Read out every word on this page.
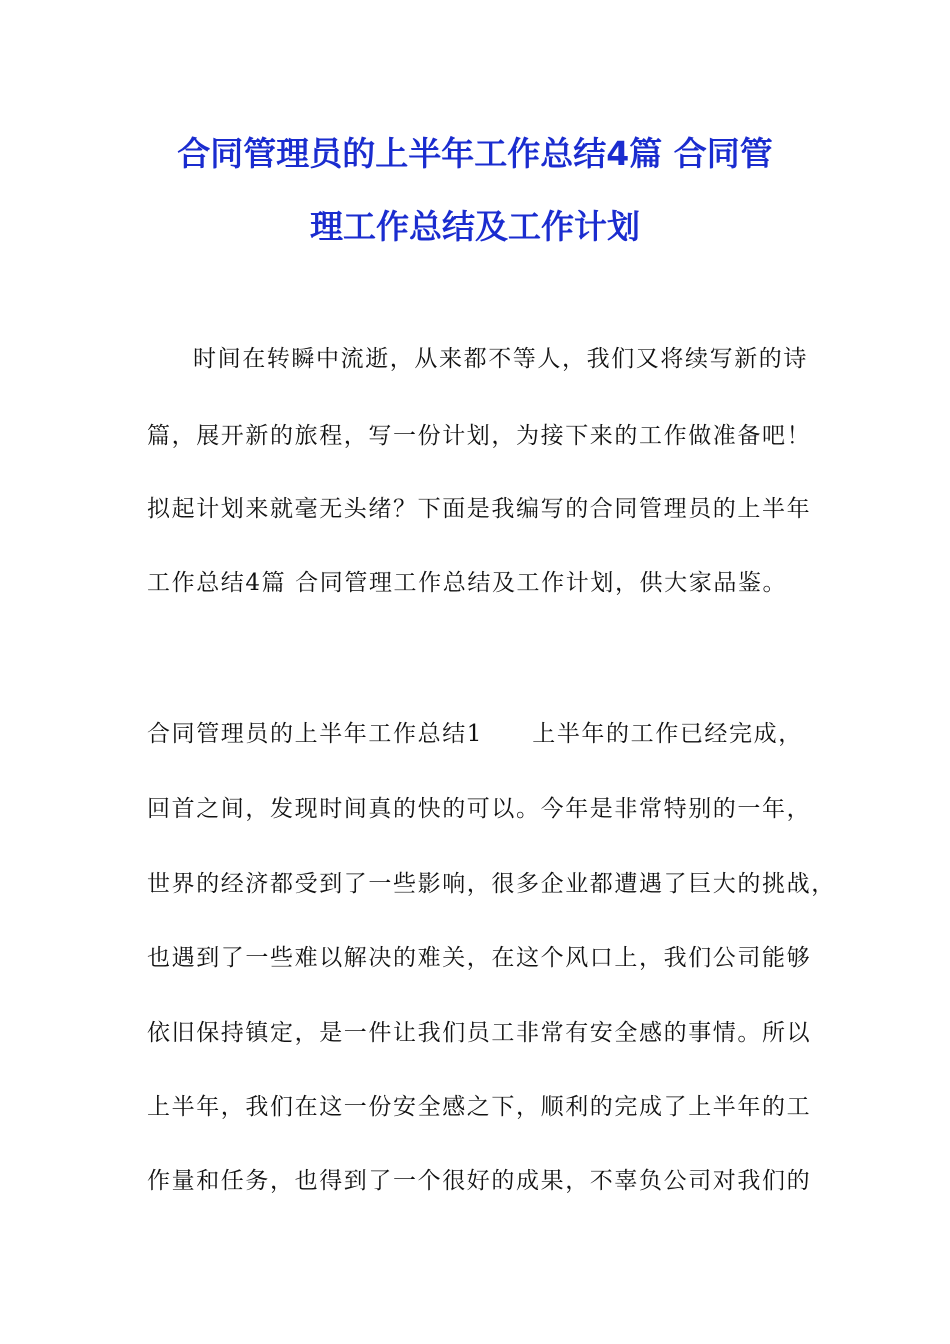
合同管理员的上半年工作总结4篇 合同管
理工作总结及工作计划
时间在转瞬中流逝，从来都不等人，我们又将续写新的诗
篇，展开新的旅程，写一份计划，为接下来的工作做准备吧！
拟起计划来就毫无头绪？下面是我编写的合同管理员的上半年
工作总结4篇 合同管理工作总结及工作计划，供大家品鉴。
合同管理员的上半年工作总结1　　上半年的工作已经完成，
回首之间，发现时间真的快的可以。今年是非常特别的一年，
世界的经济都受到了一些影响，很多企业都遭遇了巨大的挑战，
也遇到了一些难以解决的难关，在这个风口上，我们公司能够
依旧保持镇定，是一件让我们员工非常有安全感的事情。所以
上半年，我们在这一份安全感之下，顺利的完成了上半年的工
作量和任务，也得到了一个很好的成果，不辜负公司对我们的
